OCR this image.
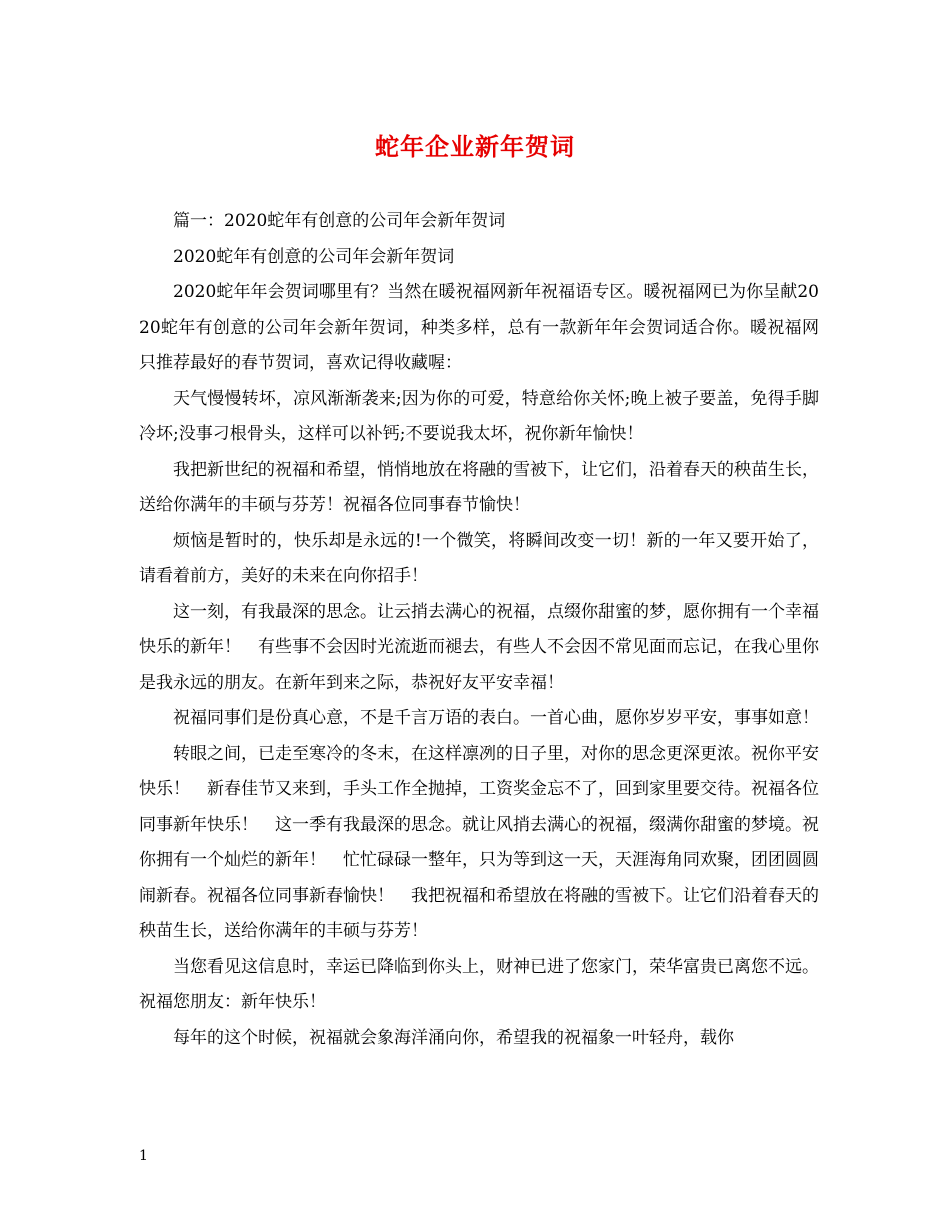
蛇年企业新年贺词

篇一：2020蛇年有创意的公司年会新年贺词

2020蛇年有创意的公司年会新年贺词

2020蛇年年会贺词哪里有？当然在暖祝福网新年祝福语专区。暖祝福网已为你呈献2020蛇年有创意的公司年会新年贺词，种类多样，总有一款新年年会贺词适合你。暖祝福网只推荐最好的春节贺词，喜欢记得收藏喔：

天气慢慢转坏，凉风渐渐袭来;因为你的可爱，特意给你关怀;晚上被子要盖，免得手脚冷坏;没事刁根骨头，这样可以补钙;不要说我太坏，祝你新年愉快！

我把新世纪的祝福和希望，悄悄地放在将融的雪被下，让它们，沿着春天的秧苗生长，送给你满年的丰硕与芬芳！祝福各位同事春节愉快！

烦恼是暂时的，快乐却是永远的!一个微笑，将瞬间改变一切！新的一年又要开始了，请看着前方，美好的未来在向你招手！

这一刻，有我最深的思念。让云捎去满心的祝福，点缀你甜蜜的梦，愿你拥有一个幸福快乐的新年！　有些事不会因时光流逝而褪去，有些人不会因不常见面而忘记，在我心里你是我永远的朋友。在新年到来之际，恭祝好友平安幸福！

祝福同事们是份真心意，不是千言万语的表白。一首心曲，愿你岁岁平安，事事如意！

转眼之间，已走至寒冷的冬末，在这样凛冽的日子里，对你的思念更深更浓。祝你平安快乐！　新春佳节又来到，手头工作全抛掉，工资奖金忘不了，回到家里要交待。祝福各位同事新年快乐！　这一季有我最深的思念。就让风捎去满心的祝福，缀满你甜蜜的梦境。祝你拥有一个灿烂的新年！　忙忙碌碌一整年，只为等到这一天，天涯海角同欢聚，团团圆圆闹新春。祝福各位同事新春愉快！　我把祝福和希望放在将融的雪被下。让它们沿着春天的秧苗生长，送给你满年的丰硕与芬芳！

当您看见这信息时，幸运已降临到你头上，财神已进了您家门，荣华富贵已离您不远。祝福您朋友：新年快乐！

每年的这个时候，祝福就会象海洋涌向你，希望我的祝福象一叶轻舟，载你

1
